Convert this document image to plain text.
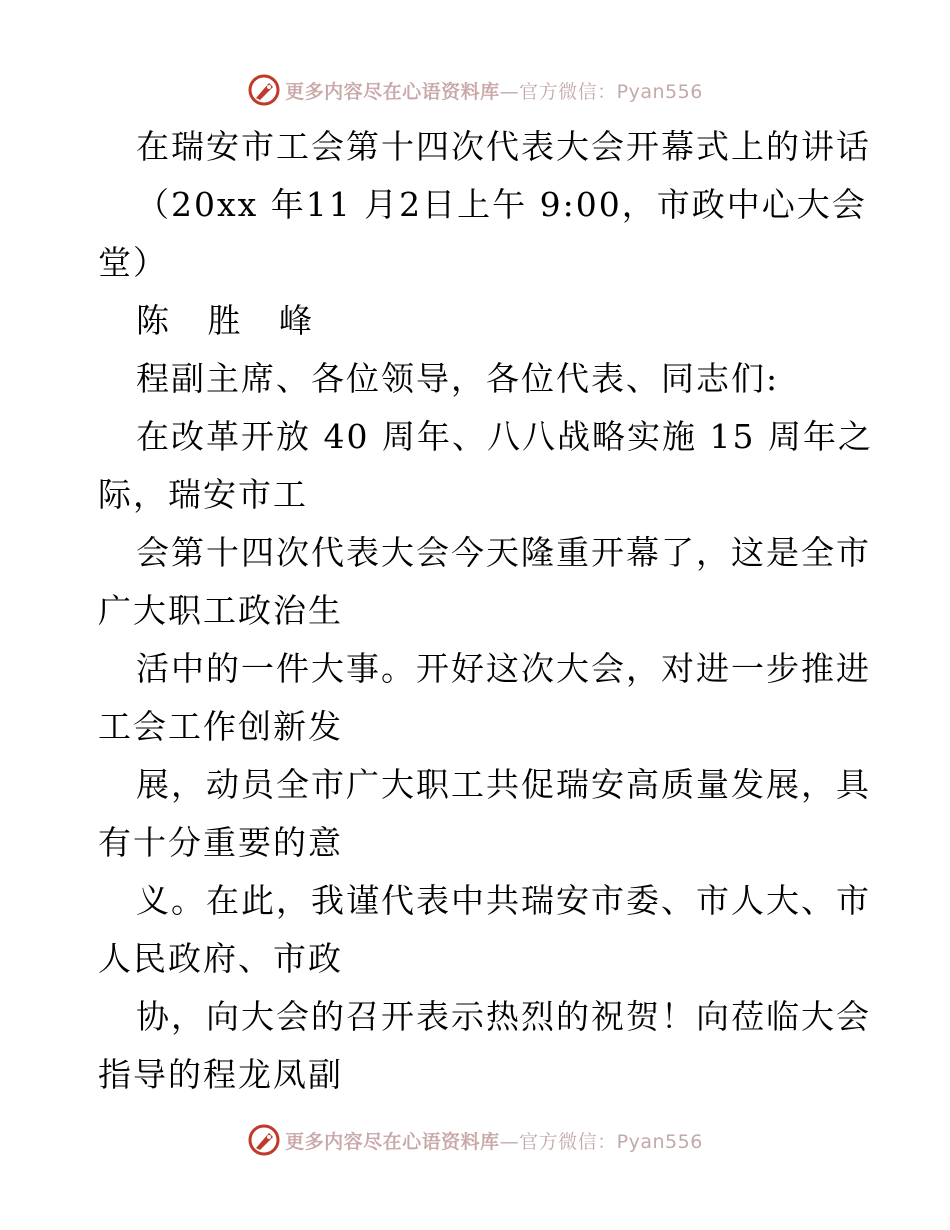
更多内容尽在心语资料库—官方微信：Pyan556
在瑞安市工会第十四次代表大会开幕式上的讲话
（20xx 年11 月2日上午 9:00，市政中心大会
堂）
陈 胜 峰
程副主席、各位领导，各位代表、同志们:
在改革开放 40 周年、八八战略实施 15 周年之
际，瑞安市工
会第十四次代表大会今天隆重开幕了，这是全市
广大职工政治生
活中的一件大事。开好这次大会，对进一步推进
工会工作创新发
展，动员全市广大职工共促瑞安高质量发展，具
有十分重要的意
义。在此，我谨代表中共瑞安市委、市人大、市
人民政府、市政
协，向大会的召开表示热烈的祝贺！向莅临大会
指导的程龙凤副
更多内容尽在心语资料库—官方微信：Pyan556
